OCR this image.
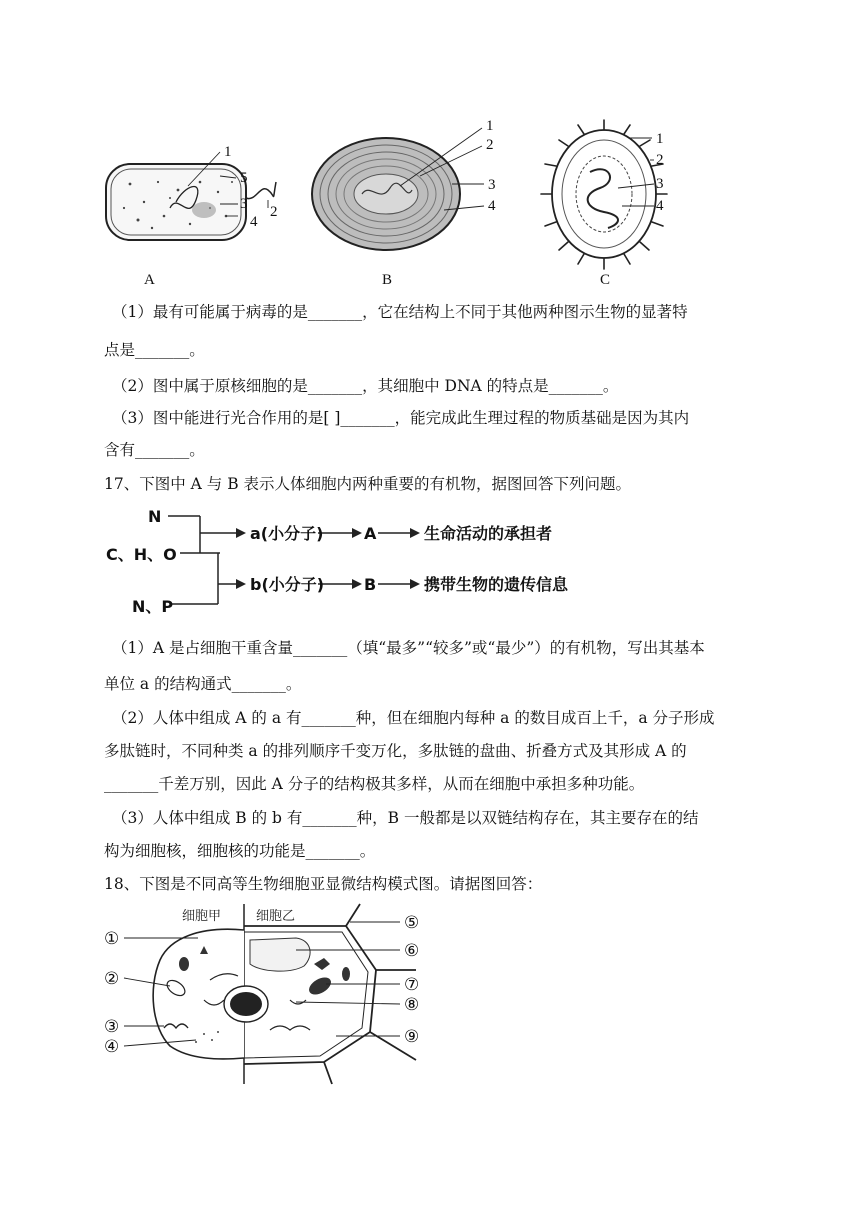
1
5
3
4
2
A
1
2
3
4
B
1
2
3
4
C
（1）最有可能属于病毒的是_______，它在结构上不同于其他两种图示生物的显著特
点是_______。
（2）图中属于原核细胞的是_______，其细胞中 DNA 的特点是_______。
（3）图中能进行光合作用的是[ ]_______，能完成此生理过程的物质基础是因为其内
含有_______。
17、下图中 A 与 B 表示人体细胞内两种重要的有机物，据图回答下列问题。
N
C、H、O
N、P
a(小分子)	A	生命活动的承担者
b(小分子) B	携带生物的遗传信息
（1）A 是占细胞干重含量_______（填“最多”“较多”或“最少”）的有机物，写出其基本
单位 a 的结构通式_______。
（2）人体中组成 A 的 a 有_______种，但在细胞内每种 a 的数目成百上千，a 分子形成
多肽链时，不同种类 a 的排列顺序千变万化，多肽链的盘曲、折叠方式及其形成 A 的
_______千差万别，因此 A 分子的结构极其多样，从而在细胞中承担多种功能。
（3）人体中组成 B 的 b 有_______种，B 一般都是以双链结构存在，其主要存在的结
构为细胞核，细胞核的功能是_______。
18、下图是不同高等生物细胞亚显微结构模式图。请据图回答：
细胞甲	细胞乙
①
②
③
④
⑤
⑥
⑦
⑧
⑨
